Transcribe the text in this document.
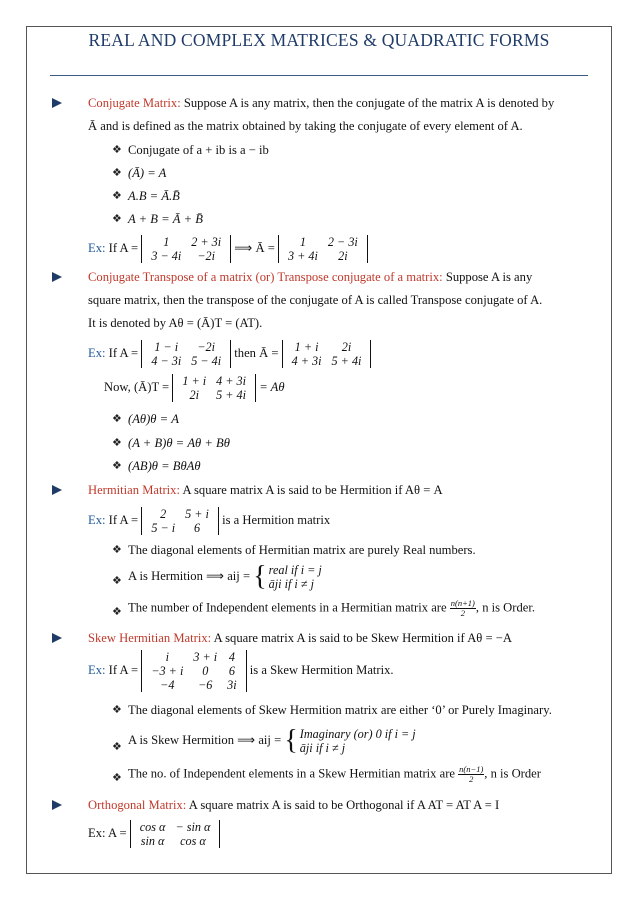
REAL AND COMPLEX MATRICES & QUADRATIC FORMS
Conjugate Matrix: Suppose A is any matrix, then the conjugate of the matrix A is denoted by
Ā and is defined as the matrix obtained by taking the conjugate of every element of A.
❖ Conjugate of a + ib is a − ib
❖ (Ā) = A
❖ A.B = Ā.B̄
❖ A + B = Ā + B̄
Ex: If A = 1	2 + 3i
3 − 4i	−2i
⟹ Ā = 1	2 − 3i
3 + 4i	2i
Conjugate Transpose of a matrix (or) Transpose conjugate of a matrix: Suppose A is any
square matrix, then the transpose of the conjugate of A is called Transpose conjugate of A.
It is denoted by Aθ = (Ā)T = (AT).
Ex: If A = 1 − i	−2i
4 − 3i	5 − 4i
then Ā = 1 + i	2i
4 + 3i	5 + 4i
Now, (Ā)T = 1 + i	4 + 3i
2i	5 + 4i
= Aθ
❖ (Aθ)θ = A
❖ (A + B)θ = Aθ + Bθ
❖ (AB)θ = BθAθ
Hermitian Matrix: A square matrix A is said to be Hermition if Aθ = A
Ex: If A = 2	5 + i
5 − i	6
is a Hermition matrix
❖ The diagonal elements of Hermitian matrix are purely Real numbers.
❖ A is Hermition ⟹ aij = { real if i = j
āji if i ≠ j
❖ The number of Independent elements in a Hermitian matrix are $\frac{n(n+1)}{2}$ , n is Order.
Skew Hermitian Matrix: A square matrix A is said to be Skew Hermition if Aθ = −A
Ex: If A =
i	3 + i	4
−3 + i	0	6
−4	−6	3i
is a Skew Hermition Matrix.
❖ The diagonal elements of Skew Hermition matrix are either ‘0’ or Purely Imaginary.
❖
A is Skew Hermition ⟹ aij = { Imaginary (or) 0 if i = j
āji if i ≠ j
❖ The no. of Independent elements in a Skew Hermitian matrix are $\frac{n(n-1)}{2}$ , n is Order
Orthogonal Matrix: A square matrix A is said to be Orthogonal if A AT = AT A = I
Ex: A = cos α	− sin α
sin α	cos α
